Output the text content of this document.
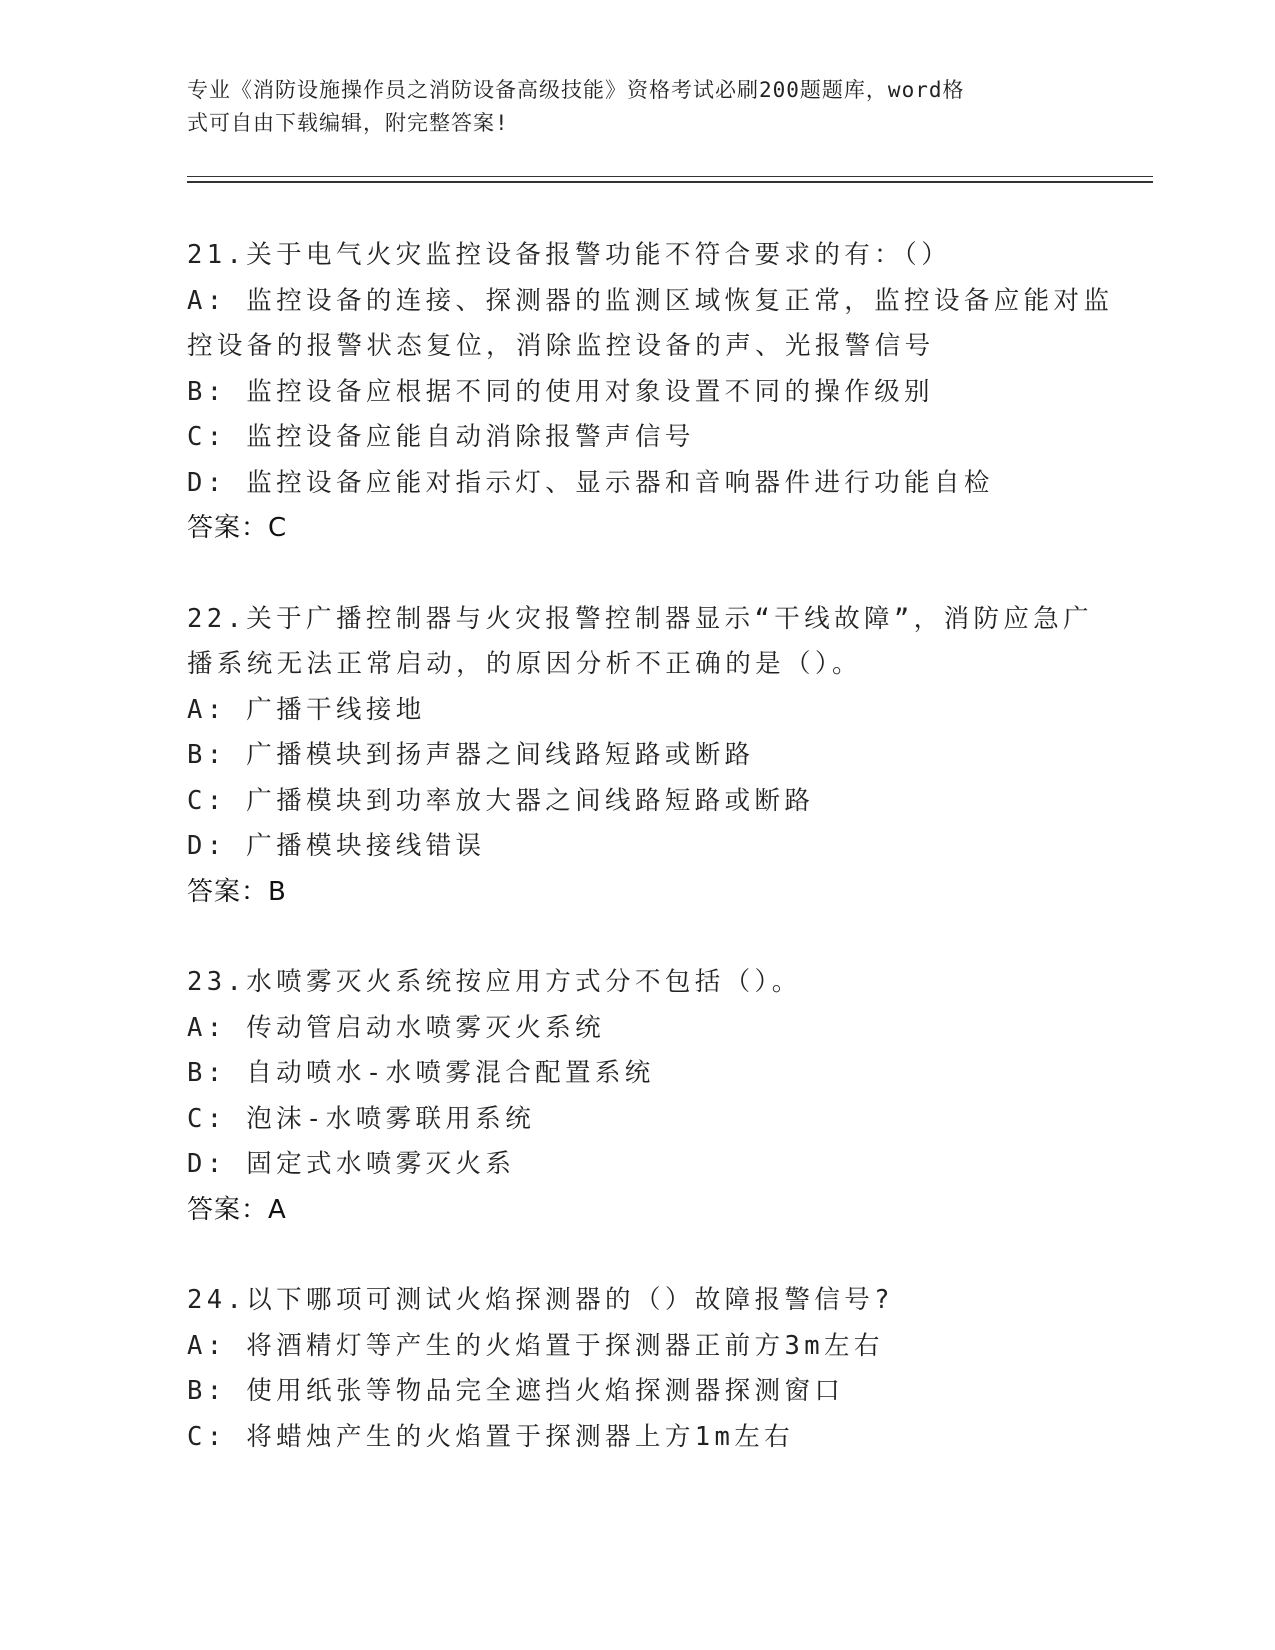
专业《消防设施操作员之消防设备高级技能》资格考试必刷200题题库，word格
式可自由下载编辑，附完整答案!
21.关于电气火灾监控设备报警功能不符合要求的有：（）
A: 监控设备的连接、探测器的监测区域恢复正常，监控设备应能对监
控设备的报警状态复位，消除监控设备的声、光报警信号
B: 监控设备应根据不同的使用对象设置不同的操作级别
C: 监控设备应能自动消除报警声信号
D: 监控设备应能对指示灯、显示器和音响器件进行功能自检
答案：C
22.关于广播控制器与火灾报警控制器显示“干线故障”，消防应急广
播系统无法正常启动，的原因分析不正确的是（）。
A: 广播干线接地
B: 广播模块到扬声器之间线路短路或断路
C: 广播模块到功率放大器之间线路短路或断路
D: 广播模块接线错误
答案：B
23.水喷雾灭火系统按应用方式分不包括（）。
A: 传动管启动水喷雾灭火系统
B: 自动喷水-水喷雾混合配置系统
C: 泡沫-水喷雾联用系统
D: 固定式水喷雾灭火系
答案：A
24.以下哪项可测试火焰探测器的（）故障报警信号?
A: 将酒精灯等产生的火焰置于探测器正前方3m左右
B: 使用纸张等物品完全遮挡火焰探测器探测窗口
C: 将蜡烛产生的火焰置于探测器上方1m左右
